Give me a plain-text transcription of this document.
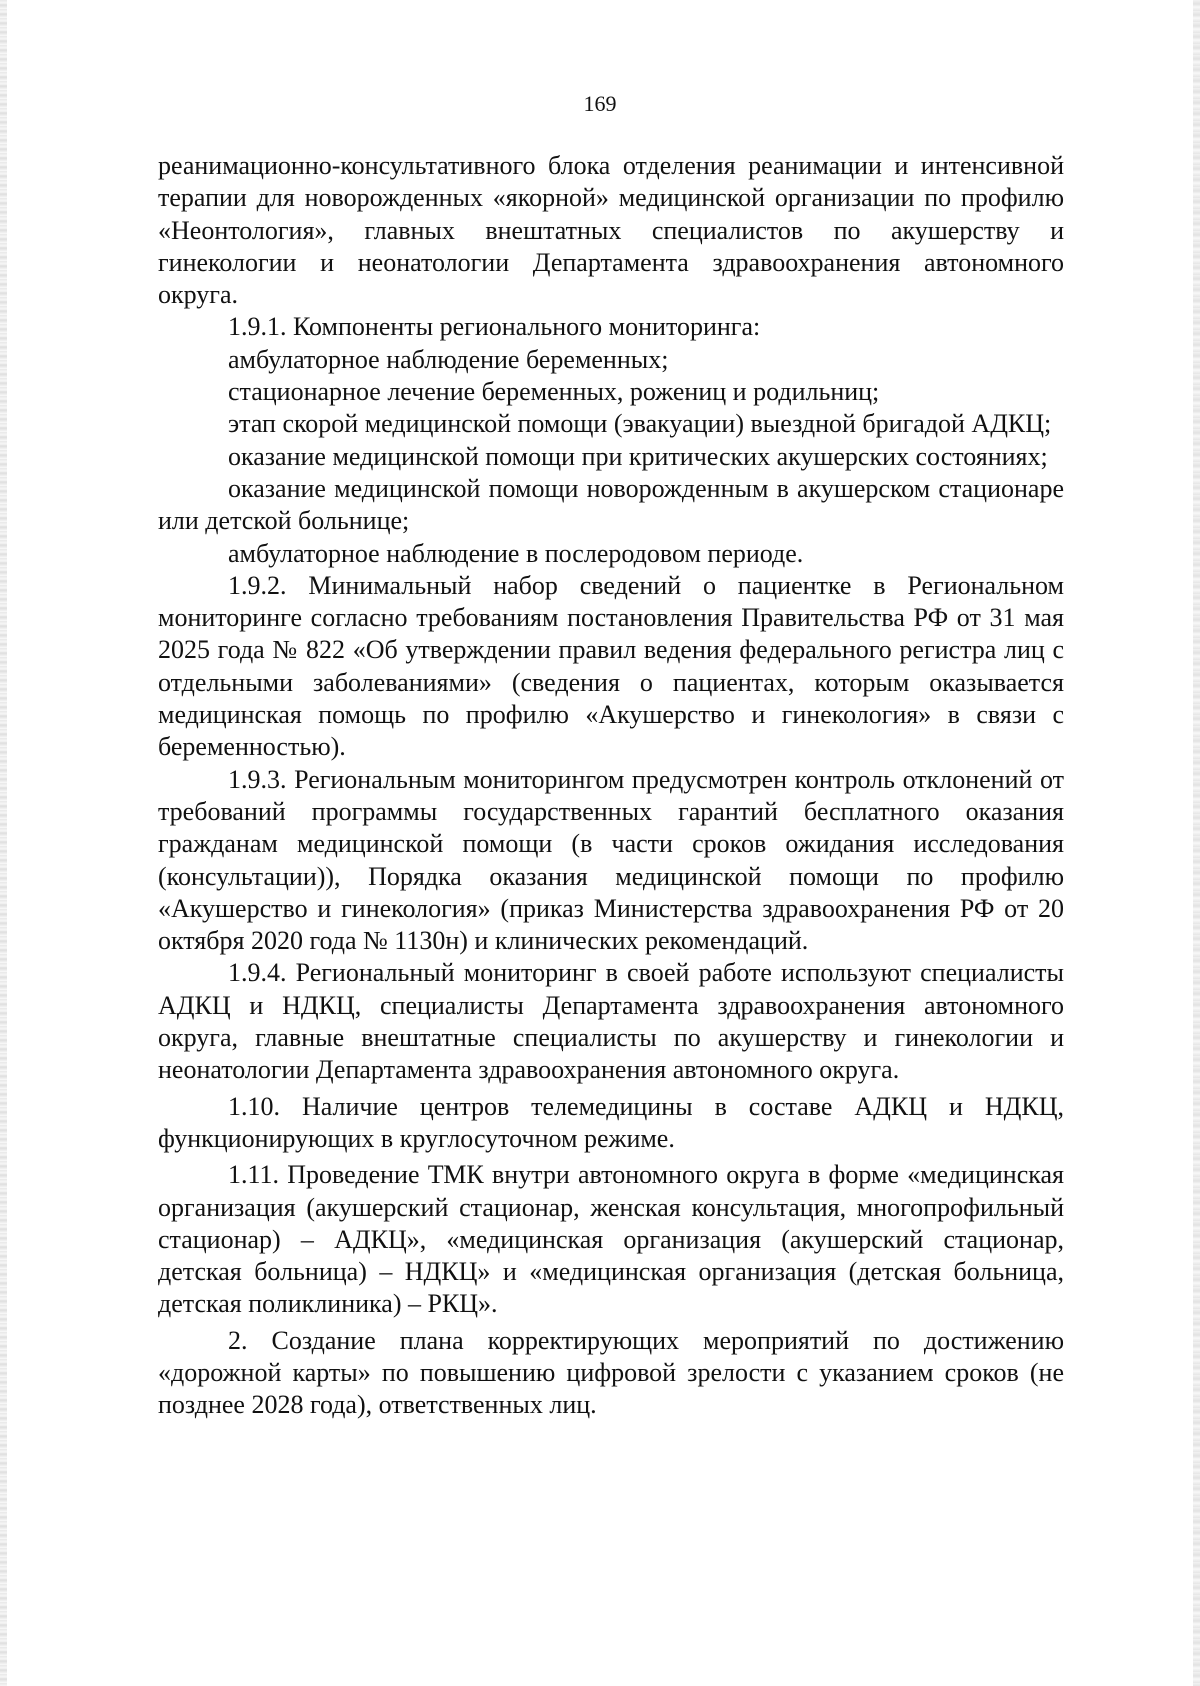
169

реанимационно-консультативного блока отделения реанимации и интенсивной терапии для новорожденных «якорной» медицинской организации по профилю «Неонтология», главных внештатных специалистов по акушерству и гинекологии и неонатологии Департамента здравоохранения автономного округа.

1.9.1. Компоненты регионального мониторинга:

амбулаторное наблюдение беременных;

стационарное лечение беременных, рожениц и родильниц;

этап скорой медицинской помощи (эвакуации) выездной бригадой АДКЦ;

оказание медицинской помощи при критических акушерских состояниях;

оказание медицинской помощи новорожденным в акушерском стационаре или детской больнице;

амбулаторное наблюдение в послеродовом периоде.

1.9.2. Минимальный набор сведений о пациентке в Региональном мониторинге согласно требованиям постановления Правительства РФ от 31 мая 2025 года № 822 «Об утверждении правил ведения федерального регистра лиц с отдельными заболеваниями» (сведения о пациентах, которым оказывается медицинская помощь по профилю «Акушерство и гинекология» в связи с беременностью).

1.9.3. Региональным мониторингом предусмотрен контроль отклонений от требований программы государственных гарантий бесплатного оказания гражданам медицинской помощи (в части сроков ожидания исследования (консультации)), Порядка оказания медицинской помощи по профилю «Акушерство и гинекология» (приказ Министерства здравоохранения РФ от 20 октября 2020 года № 1130н) и клинических рекомендаций.

1.9.4. Региональный мониторинг в своей работе используют специалисты АДКЦ и НДКЦ, специалисты Департамента здравоохранения автономного округа, главные внештатные специалисты по акушерству и гинекологии и неонатологии Департамента здравоохранения автономного округа.

1.10. Наличие центров телемедицины в составе АДКЦ и НДКЦ, функционирующих в круглосуточном режиме.

1.11. Проведение ТМК внутри автономного округа в форме «медицинская организация (акушерский стационар, женская консультация, многопрофильный стационар) – АДКЦ», «медицинская организация (акушерский стационар, детская больница) – НДКЦ» и «медицинская организация (детская больница, детская поликлиника) – РКЦ».

2. Создание плана корректирующих мероприятий по достижению «дорожной карты» по повышению цифровой зрелости с указанием сроков (не позднее 2028 года), ответственных лиц.
